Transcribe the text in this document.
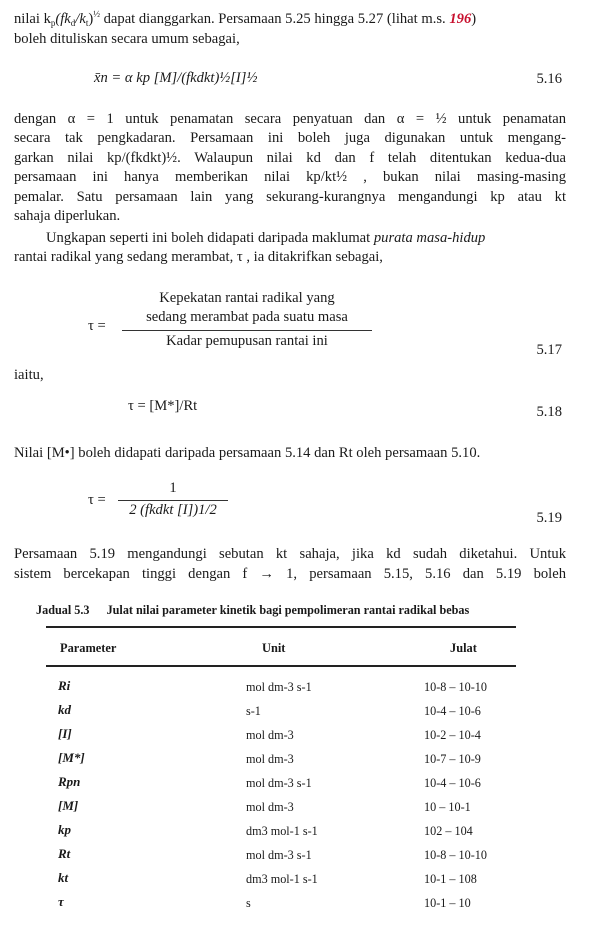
nilai $k_p(fk_d/k_t)^{\frac{1}{2}}$ dapat dianggarkan. Persamaan 5.25 hingga 5.27 (lihat m.s. 196)
boleh dituliskan secara umum sebagai,
x̄n = α kp [M]/(fkdkt)½[I]½	5.16
dengan α = 1 untuk penamatan secara penyatuan dan α = ½ untuk penamatan
secara tak pengkadaran. Persamaan ini boleh juga digunakan untuk mengang-
garkan nilai kp/(fkdkt)½. Walaupun nilai kd dan f telah ditentukan kedua-dua
persamaan ini hanya memberikan nilai kp/kt½ , bukan nilai masing-masing
pemalar. Satu persamaan lain yang sekurang-kurangnya mengandungi kp atau kt
sahaja diperlukan.
Ungkapan seperti ini boleh didapati daripada maklumat purata masa-hidup
rantai radikal yang sedang merambat, τ , ia ditakrifkan sebagai,
τ =
Kepekatan rantai radikal yang
sedang merambat pada suatu masa
Kadar pemupusan rantai ini
5.17
iaitu,
τ = [M*]/Rt	5.18
Nilai [M•] boleh didapati daripada persamaan 5.14 dan Rt oleh persamaan 5.10.
τ =
1
2 (fkdkt [I])1/2	5.19
Persamaan 5.19 mengandungi sebutan kt sahaja, jika kd sudah diketahui. Untuk
sistem bercekapan tinggi dengan f → 1, persamaan 5.15, 5.16 dan 5.19 boleh
Jadual 5.3 Julat nilai parameter kinetik bagi pempolimeran rantai radikal bebas
Parameter	Unit	Julat
Ri	mol dm-3 s-1	10-8 – 10-10
kd	s-1	10-4 – 10-6
[I]	mol dm-3	10-2 – 10-4
[M*]	mol dm-3	10-7 – 10-9
Rpn	mol dm-3 s-1	10-4 – 10-6
[M]	mol dm-3	10 – 10-1
kp	dm3 mol-1 s-1	102 – 104
Rt	mol dm-3 s-1	10-8 – 10-10
kt	dm3 mol-1 s-1	10-1 – 108
τ	s	10-1 – 10
